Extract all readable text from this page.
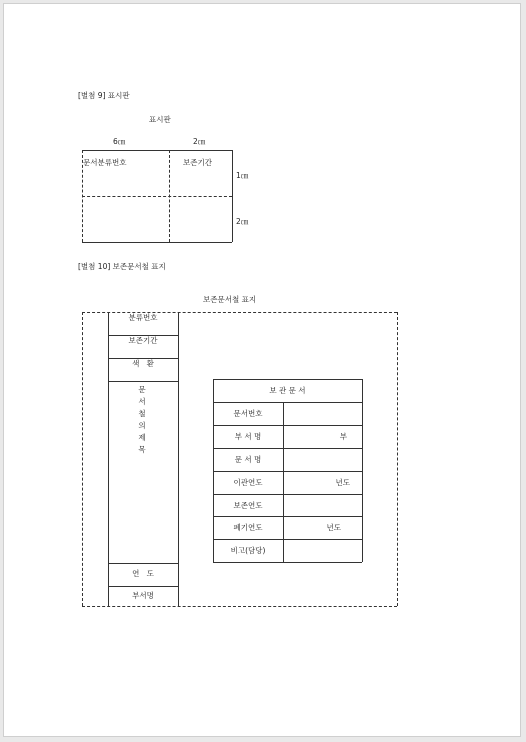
[별첨 9] 표시판
표시판
6㎝	2㎝
문서분류번호	보존기간
1㎝
2㎝
[별첨 10] 보존문서철 표지
보존문서철 표지
분류번호
보존기간
색   환
문서철의제목
연   도
부서명
보 관 문 서
문서번호
부 서 명	부
문 서 명
이관연도	년도
보존연도
폐기연도	년도
비고(담당)
